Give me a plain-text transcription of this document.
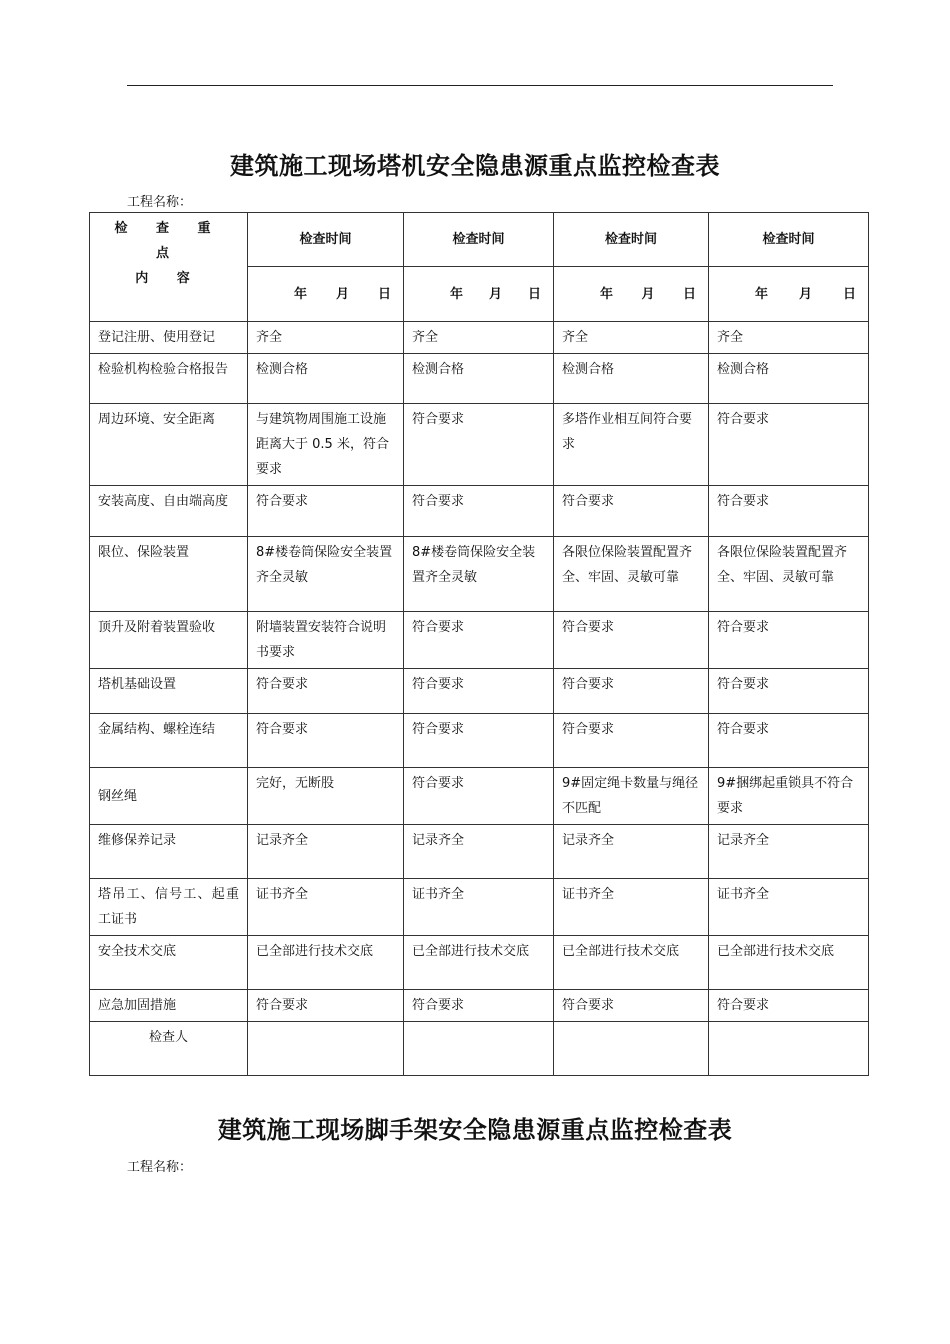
建筑施工现场塔机安全隐患源重点监控检查表
工程名称：
检 查 重 点
内 容	检查时间	检查时间	检查时间	检查时间

	年 月 日	年 月 日	年 月 日	年 月 日

登记注册、使用登记	齐全	齐全	齐全	齐全
检验机构检验合格报告	检测合格	检测合格	检测合格	检测合格
周边环境、安全距离	与建筑物周围施工设施距离大于 0.5 米，符合要求	符合要求	多塔作业相互间符合要求	符合要求
安装高度、自由端高度	符合要求	符合要求	符合要求	符合要求
限位、保险装置	8#楼卷筒保险安全装置齐全灵敏	8#楼卷筒保险安全装置齐全灵敏	各限位保险装置配置齐全、牢固、灵敏可靠	各限位保险装置配置齐全、牢固、灵敏可靠
顶升及附着装置验收	附墙装置安装符合说明书要求	符合要求	符合要求	符合要求
塔机基础设置	符合要求	符合要求	符合要求	符合要求
金属结构、螺栓连结	符合要求	符合要求	符合要求	符合要求
钢丝绳	完好，无断股	符合要求	9#固定绳卡数量与绳径不匹配	9#捆绑起重锁具不符合要求
维修保养记录	记录齐全	记录齐全	记录齐全	记录齐全
塔吊工、信号工、起重工证书	证书齐全	证书齐全	证书齐全	证书齐全
安全技术交底	已全部进行技术交底	已全部进行技术交底	已全部进行技术交底	已全部进行技术交底
应急加固措施	符合要求	符合要求	符合要求	符合要求
检查人				
建筑施工现场脚手架安全隐患源重点监控检查表
工程名称：
